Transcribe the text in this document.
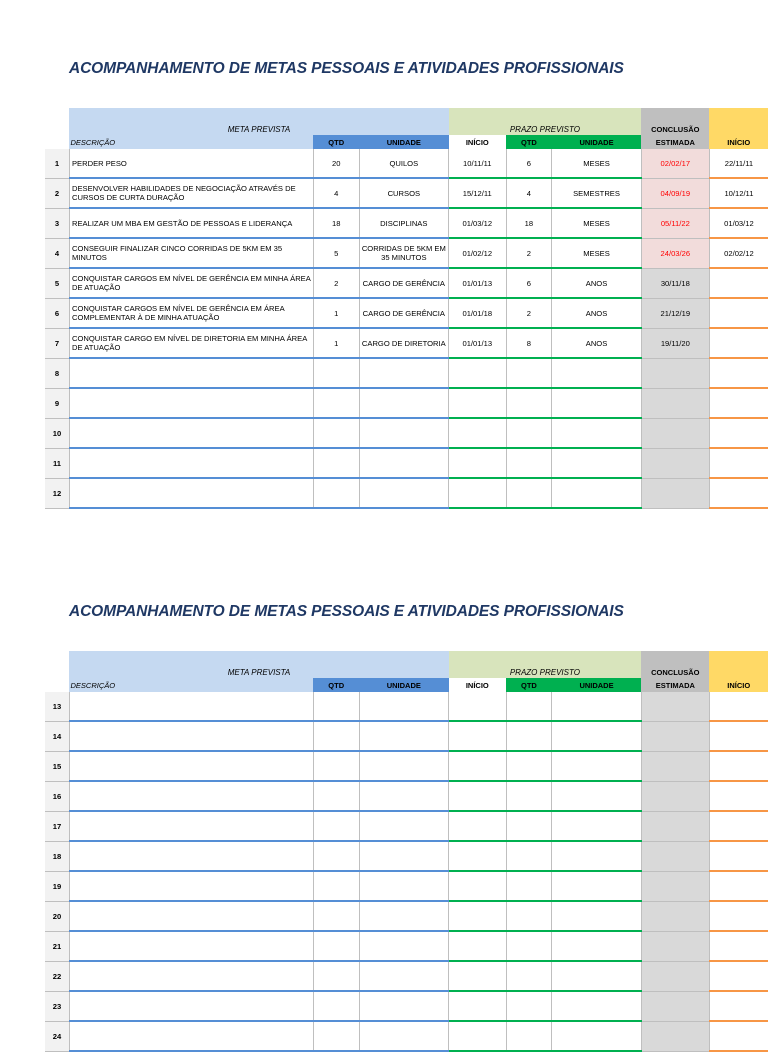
ACOMPANHAMENTO DE METAS PESSOAIS E ATIVIDADES PROFISSIONAIS
	META PREVISTA			PRAZO PREVISTO			CONCLUSÃO	
	DESCRIÇÃO	QTD	UNIDADE	INÍCIO	QTD	UNIDADE	ESTIMADA	INÍCIO
1	PERDER PESO	20	QUILOS	10/11/11	6	MESES	02/02/17	22/11/11
2	DESENVOLVER HABILIDADES DE NEGOCIAÇÃO ATRAVÉS DE CURSOS DE CURTA DURAÇÃO	4	CURSOS	15/12/11	4	SEMESTRES	04/09/19	10/12/11
3	REALIZAR UM MBA EM GESTÃO DE PESSOAS E LIDERANÇA	18	DISCIPLINAS	01/03/12	18	MESES	05/11/22	01/03/12
4	CONSEGUIR FINALIZAR CINCO CORRIDAS DE 5KM EM 35 MINUTOS	5	CORRIDAS DE 5KM EM 35 MINUTOS	01/02/12	2	MESES	24/03/26	02/02/12
5	CONQUISTAR CARGOS EM NÍVEL DE GERÊNCIA EM MINHA ÁREA DE ATUAÇÃO	2	CARGO DE GERÊNCIA	01/01/13	6	ANOS	30/11/18	
6	CONQUISTAR CARGOS EM NÍVEL DE GERÊNCIA EM ÁREA COMPLEMENTAR À DE MINHA ATUAÇÃO	1	CARGO DE GERÊNCIA	01/01/18	2	ANOS	21/12/19	
7	CONQUISTAR CARGO EM NÍVEL DE DIRETORIA EM MINHA ÁREA DE ATUAÇÃO	1	CARGO DE DIRETORIA	01/01/13	8	ANOS	19/11/20	
8								
9								
10								
11								
12								
ACOMPANHAMENTO DE METAS PESSOAIS E ATIVIDADES PROFISSIONAIS
	META PREVISTA			PRAZO PREVISTO			CONCLUSÃO	
	DESCRIÇÃO	QTD	UNIDADE	INÍCIO	QTD	UNIDADE	ESTIMADA	INÍCIO
13								
14								
15								
16								
17								
18								
19								
20								
21								
22								
23								
24								
